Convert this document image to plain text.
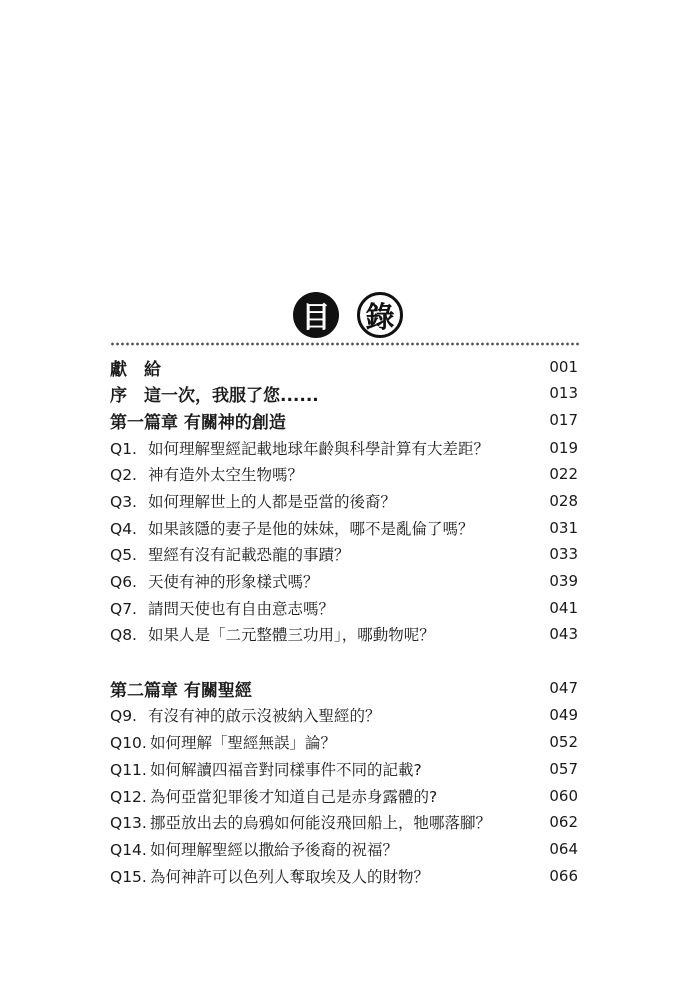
目 錄
獻　給	001
序　這一次，我服了您......	013
第一篇章 有關神的創造	017
Q1. 如何理解聖經記載地球年齡與科學計算有大差距？	019
Q2. 神有造外太空生物嗎？	022
Q3. 如何理解世上的人都是亞當的後裔？	028
Q4. 如果該隱的妻子是他的妹妹，哪不是亂倫了嗎？	031
Q5. 聖經有沒有記載恐龍的事蹟？	033
Q6. 天使有神的形象樣式嗎？	039
Q7. 請問天使也有自由意志嗎？	041
Q8. 如果人是「二元整體三功用」，哪動物呢？	043
第二篇章 有關聖經	047
Q9. 有沒有神的啟示沒被納入聖經的？	049
Q10. 如何理解「聖經無誤」論？	052
Q11. 如何解讀四福音對同樣事件不同的記載?	057
Q12. 為何亞當犯罪後才知道自己是赤身露體的?	060
Q13. 挪亞放出去的烏鴉如何能沒飛回船上，牠哪落腳？	062
Q14. 如何理解聖經以撒給予後裔的祝福？	064
Q15. 為何神許可以色列人奪取埃及人的財物？	066
